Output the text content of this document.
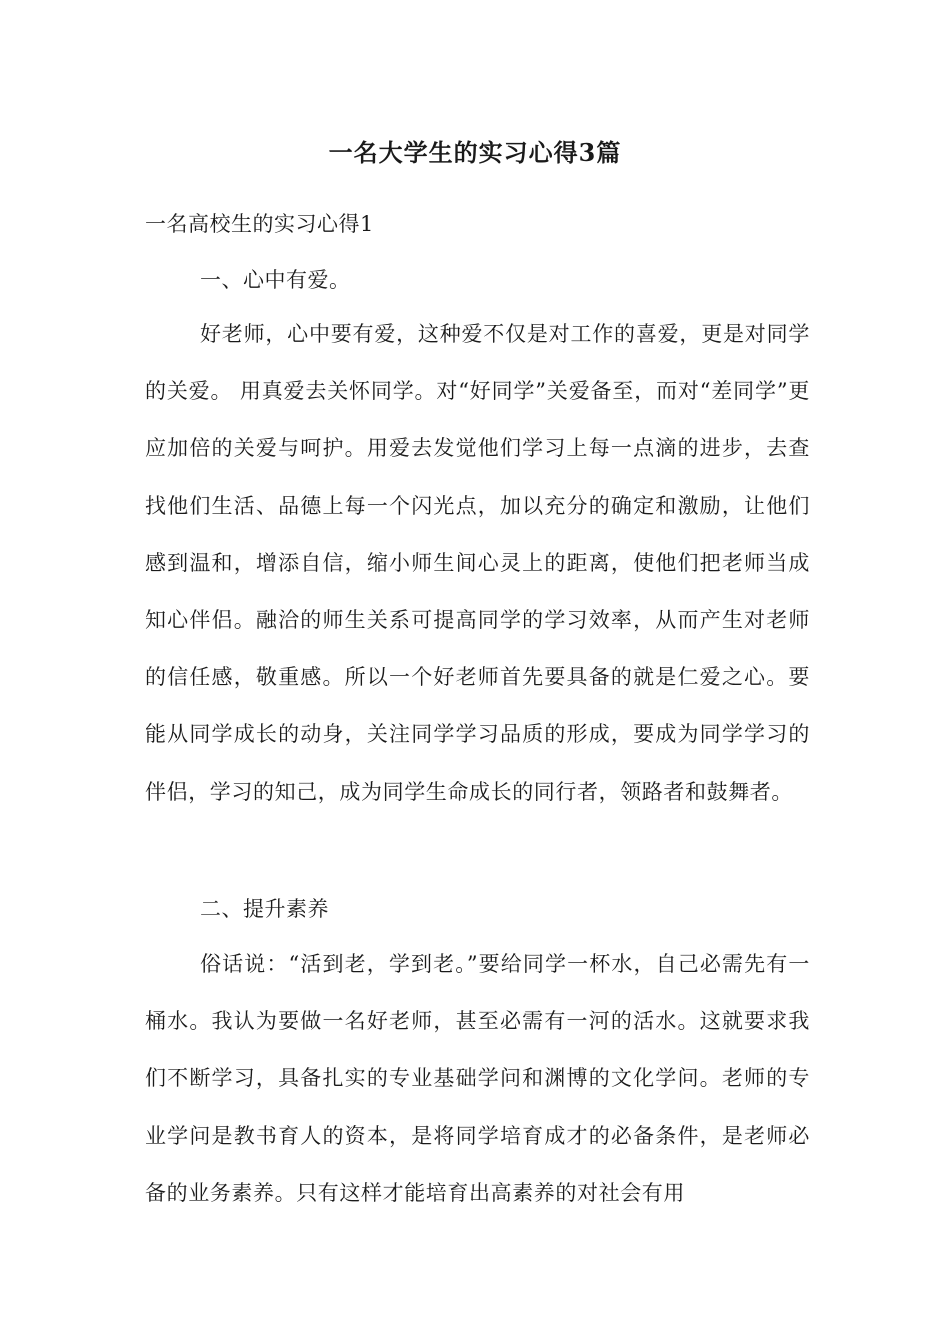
一名大学生的实习心得3篇

一名高校生的实习心得1

一、心中有爱。

好老师，心中要有爱，这种爱不仅是对工作的喜爱，更是对同学的关爱。 用真爱去关怀同学。对“好同学”关爱备至，而对“差同学”更应加倍的关爱与呵护。用爱去发觉他们学习上每一点滴的进步，去查找他们生活、品德上每一个闪光点，加以充分的确定和激励，让他们感到温和，增添自信，缩小师生间心灵上的距离，使他们把老师当成知心伴侣。融洽的师生关系可提高同学的学习效率，从而产生对老师的信任感，敬重感。所以一个好老师首先要具备的就是仁爱之心。要能从同学成长的动身，关注同学学习品质的形成，要成为同学学习的伴侣，学习的知己，成为同学生命成长的同行者，领路者和鼓舞者。

二、提升素养

俗话说：“活到老，学到老。”要给同学一杯水，自己必需先有一桶水。我认为要做一名好老师，甚至必需有一河的活水。这就要求我们不断学习，具备扎实的专业基础学问和渊博的文化学问。老师的专业学问是教书育人的资本，是将同学培育成才的必备条件，是老师必备的业务素养。只有这样才能培育出高素养的对社会有用
